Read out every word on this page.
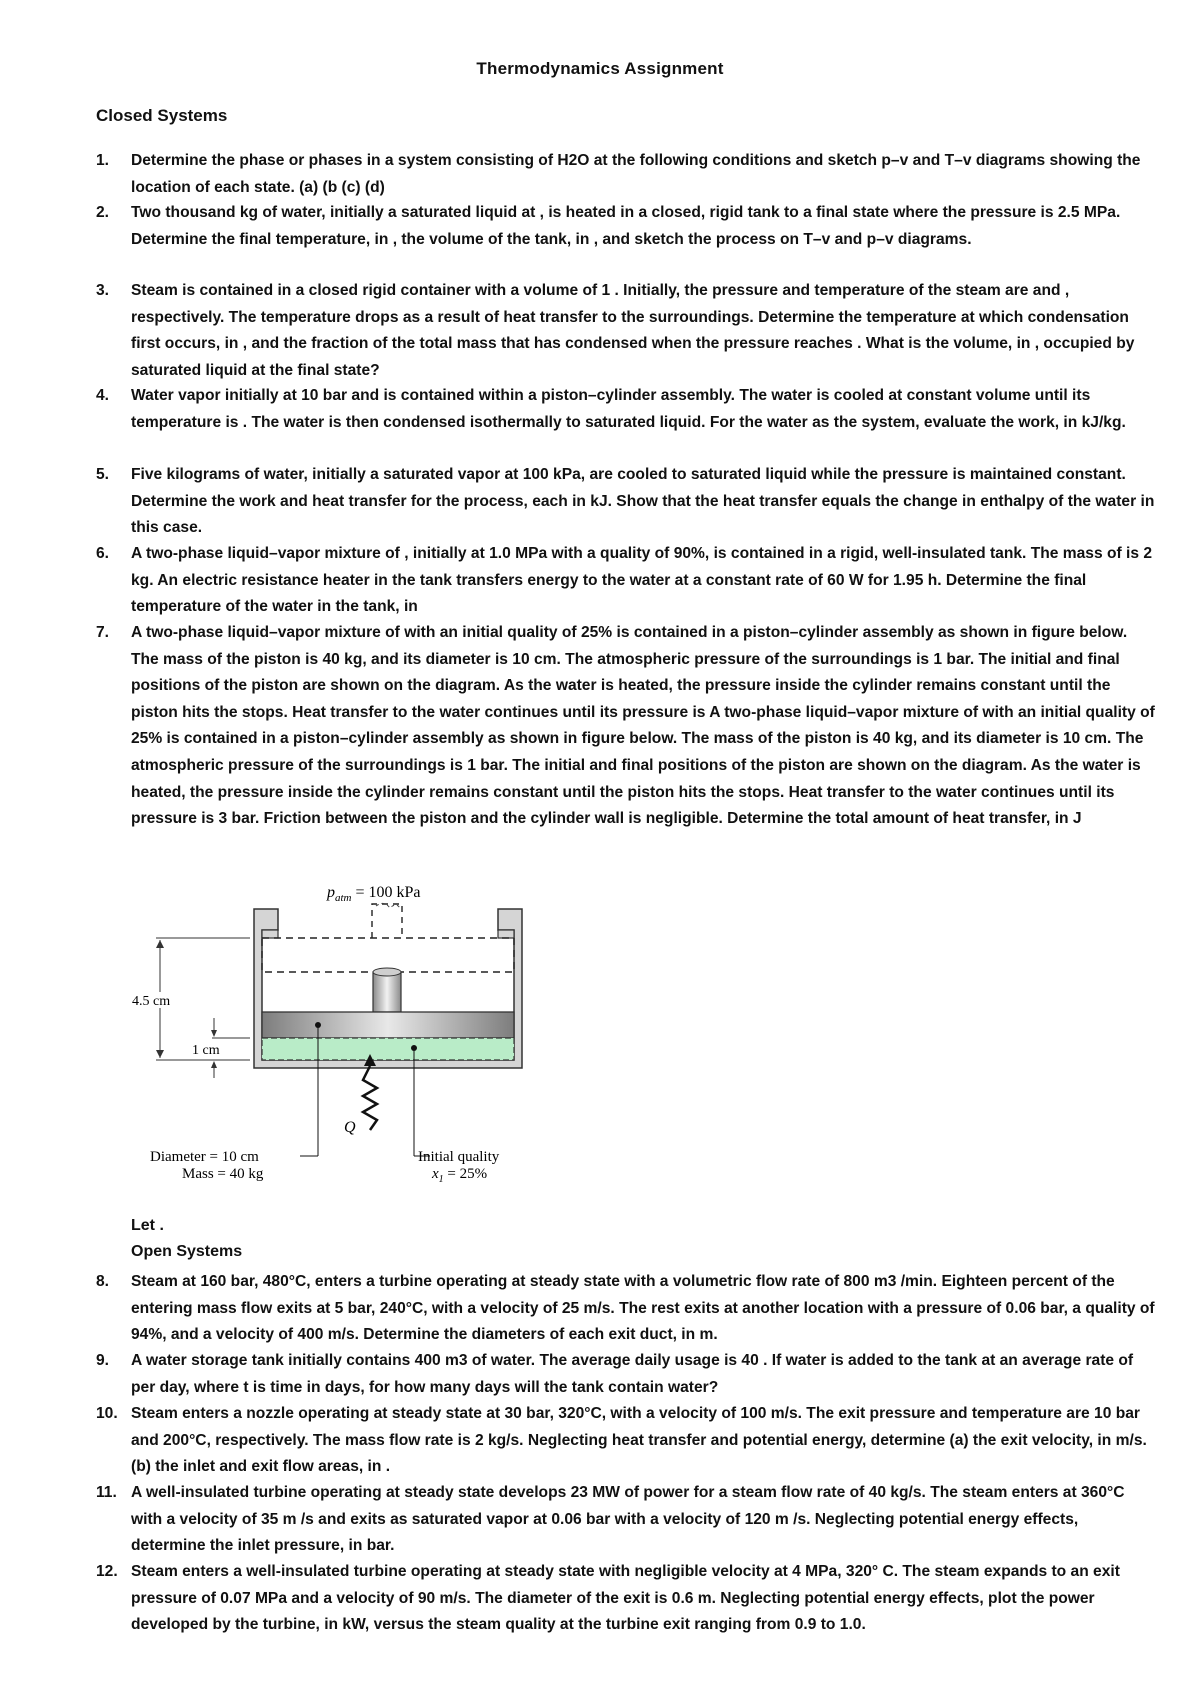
Thermodynamics Assignment
Closed Systems
1.	Determine the phase or phases in a system consisting of H2O at the following conditions and sketch p–v and T–v diagrams showing the location of each state. (a) (b (c) (d)
2.	Two thousand kg of water, initially a saturated liquid at , is heated in a closed, rigid tank to a final state where the pressure is 2.5 MPa. Determine the final temperature, in , the volume of the tank, in , and sketch the process on T–v and p–v diagrams.
3.	Steam is contained in a closed rigid container with a volume of 1 . Initially, the pressure and temperature of the steam are and , respectively. The temperature drops as a result of heat transfer to the surroundings. Determine the temperature at which condensation first occurs, in , and the fraction of the total mass that has condensed when the pressure reaches . What is the volume, in , occupied by saturated liquid at the final state?
4.	Water vapor initially at 10 bar and is contained within a piston–cylinder assembly. The water is cooled at constant volume until its temperature is . The water is then condensed isothermally to saturated liquid. For the water as the system, evaluate the work, in kJ/kg.
5.	Five kilograms of water, initially a saturated vapor at 100 kPa, are cooled to saturated liquid while the pressure is maintained constant. Determine the work and heat transfer for the process, each in kJ. Show that the heat transfer equals the change in enthalpy of the water in this case.
6.	A two-phase liquid–vapor mixture of , initially at 1.0 MPa with a quality of 90%, is contained in a rigid, well-insulated tank. The mass of is 2 kg. An electric resistance heater in the tank transfers energy to the water at a constant rate of 60 W for 1.95 h. Determine the final temperature of the water in the tank, in
7.	A two-phase liquid–vapor mixture of with an initial quality of 25% is contained in a piston–cylinder assembly as shown in figure below. The mass of the piston is 40 kg, and its diameter is 10 cm. The atmospheric pressure of the surroundings is 1 bar. The initial and final positions of the piston are shown on the diagram. As the water is heated, the pressure inside the cylinder remains constant until the piston hits the stops. Heat transfer to the water continues until its pressure is A two-phase liquid–vapor mixture of with an initial quality of 25% is contained in a piston–cylinder assembly as shown in figure below. The mass of the piston is 40 kg, and its diameter is 10 cm. The atmospheric pressure of the surroundings is 1 bar. The initial and final positions of the piston are shown on the diagram. As the water is heated, the pressure inside the cylinder remains constant until the piston hits the stops. Heat transfer to the water continues until its pressure is 3 bar. Friction between the piston and the cylinder wall is negligible. Determine the total amount of heat transfer, in J
$p_{atm} = 100$ kPa
Q
4.5 cm
1 cm
Diameter = 10 cm
Mass = 40 kg
Initial quality
$x_1 = 25\%$
Let .
Open Systems
8.	Steam at 160 bar, 480°C, enters a turbine operating at steady state with a volumetric flow rate of 800 m3 /min. Eighteen percent of the entering mass flow exits at 5 bar, 240°C, with a velocity of 25 m/s. The rest exits at another location with a pressure of 0.06 bar, a quality of 94%, and a velocity of 400 m/s. Determine the diameters of each exit duct, in m.
9.	A water storage tank initially contains 400 m3 of water. The average daily usage is 40 . If water is added to the tank at an average rate of per day, where t is time in days, for how many days will the tank contain water?
10. Steam enters a nozzle operating at steady state at 30 bar, 320°C, with a velocity of 100 m/s. The exit pressure and temperature are 10 bar and 200°C, respectively. The mass flow rate is 2 kg/s. Neglecting heat transfer and potential energy, determine (a) the exit velocity, in m/s. (b) the inlet and exit flow areas, in .
11. A well-insulated turbine operating at steady state develops 23 MW of power for a steam flow rate of 40 kg/s. The steam enters at 360°C with a velocity of 35 m /s and exits as saturated vapor at 0.06 bar with a velocity of 120 m /s. Neglecting potential energy effects, determine the inlet pressure, in bar.
12. Steam enters a well-insulated turbine operating at steady state with negligible velocity at 4 MPa, 320° C. The steam expands to an exit pressure of 0.07 MPa and a velocity of 90 m/s. The diameter of the exit is 0.6 m. Neglecting potential energy effects, plot the power developed by the turbine, in kW, versus the steam quality at the turbine exit ranging from 0.9 to 1.0.
